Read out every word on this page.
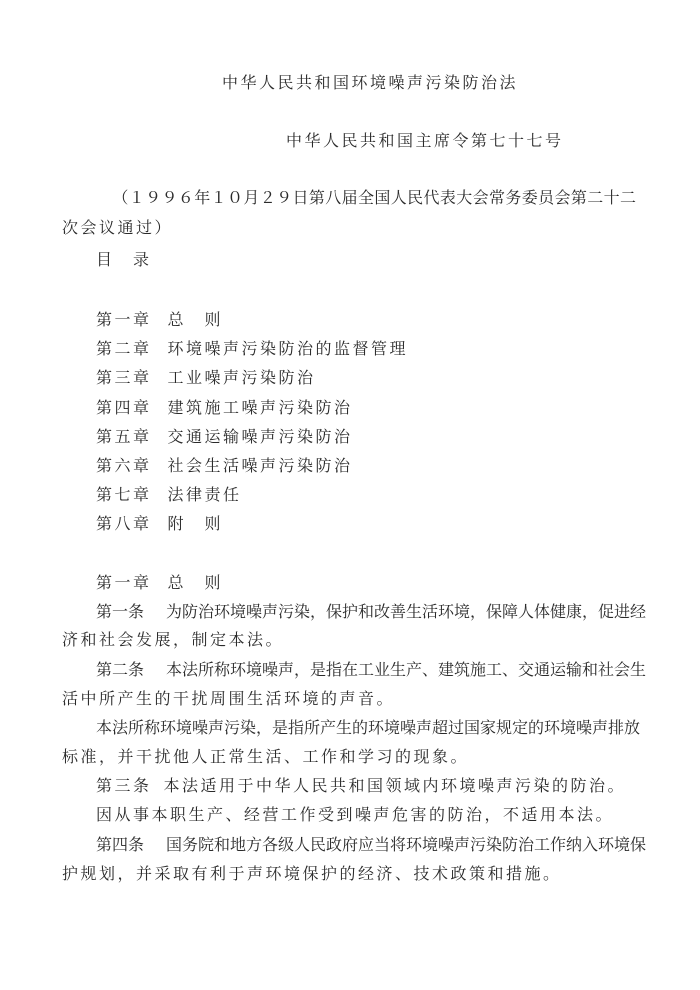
中华人民共和国环境噪声污染防治法
中华人民共和国主席令第七十七号
（１９９６年１０月２９日第八届全国人民代表大会常务委员会第二十二
次会议通过）
目　录
第一章 总　则
第二章 环境噪声污染防治的监督管理
第三章 工业噪声污染防治
第四章 建筑施工噪声污染防治
第五章 交通运输噪声污染防治
第六章 社会生活噪声污染防治
第七章 法律责任
第八章 附　则
第一章 总　则
第一条 为防治环境噪声污染，保护和改善生活环境，保障人体健康，促进经
济和社会发展，制定本法。
第二条 本法所称环境噪声，是指在工业生产、建筑施工、交通运输和社会生
活中所产生的干扰周围生活环境的声音。
本法所称环境噪声污染，是指所产生的环境噪声超过国家规定的环境噪声排放
标准，并干扰他人正常生活、工作和学习的现象。
第三条 本法适用于中华人民共和国领域内环境噪声污染的防治。
因从事本职生产、经营工作受到噪声危害的防治，不适用本法。
第四条 国务院和地方各级人民政府应当将环境噪声污染防治工作纳入环境保
护规划，并采取有利于声环境保护的经济、技术政策和措施。
